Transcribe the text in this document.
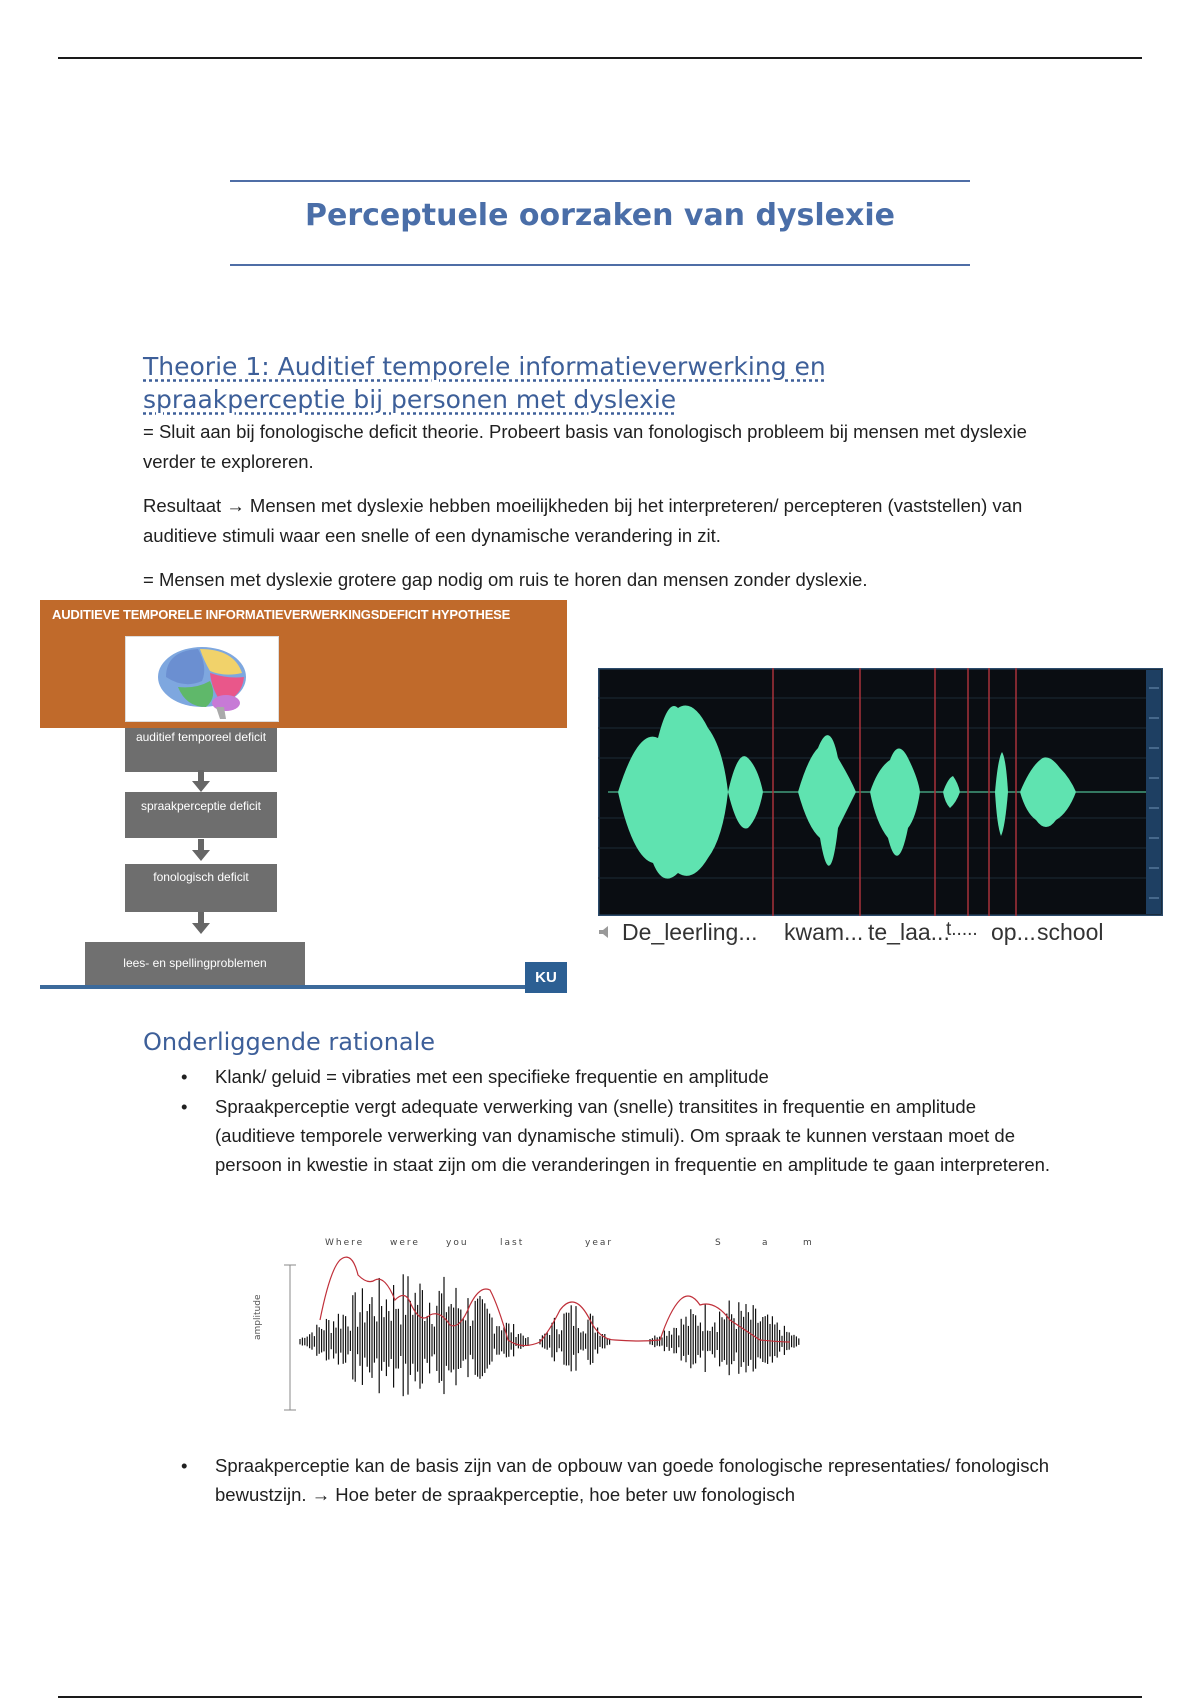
Perceptuele oorzaken van dyslexie
Theorie 1: Auditief temporele informatieverwerking en spraakperceptie bij personen met dyslexie
= Sluit aan bij fonologische deficit theorie. Probeert basis van fonologisch probleem bij mensen met dyslexie verder te exploreren.
Resultaat → Mensen met dyslexie hebben moeilijkheden bij het interpreteren/ percepteren (vaststellen) van auditieve stimuli waar een snelle of een dynamische verandering in zit.
= Mensen met dyslexie grotere gap nodig om ruis te horen dan mensen zonder dyslexie.
AUDITIEVE TEMPORELE INFORMATIEVERWERKINGSDEFICIT HYPOTHESE
auditief temporeel deficit
spraakperceptie deficit
fonologisch deficit
lees- en spellingproblemen
KU
De_leerling... kwam... te_laa...
t..... op... school
Onderliggende rationale
• Klank/ geluid = vibraties met een specifieke frequentie en amplitude
• Spraakperceptie vergt adequate verwerking van (snelle) transitites in frequentie en amplitude (auditieve temporele verwerking van dynamische stimuli). Om spraak te kunnen verstaan moet de persoon in kwestie in staat zijn om die veranderingen in frequentie en amplitude te gaan interpreteren.
Where	were	you	last	year	S	a	m
amplitude
• Spraakperceptie kan de basis zijn van de opbouw van goede fonologische representaties/ fonologisch bewustzijn. → Hoe beter de spraakperceptie, hoe beter uw fonologisch
